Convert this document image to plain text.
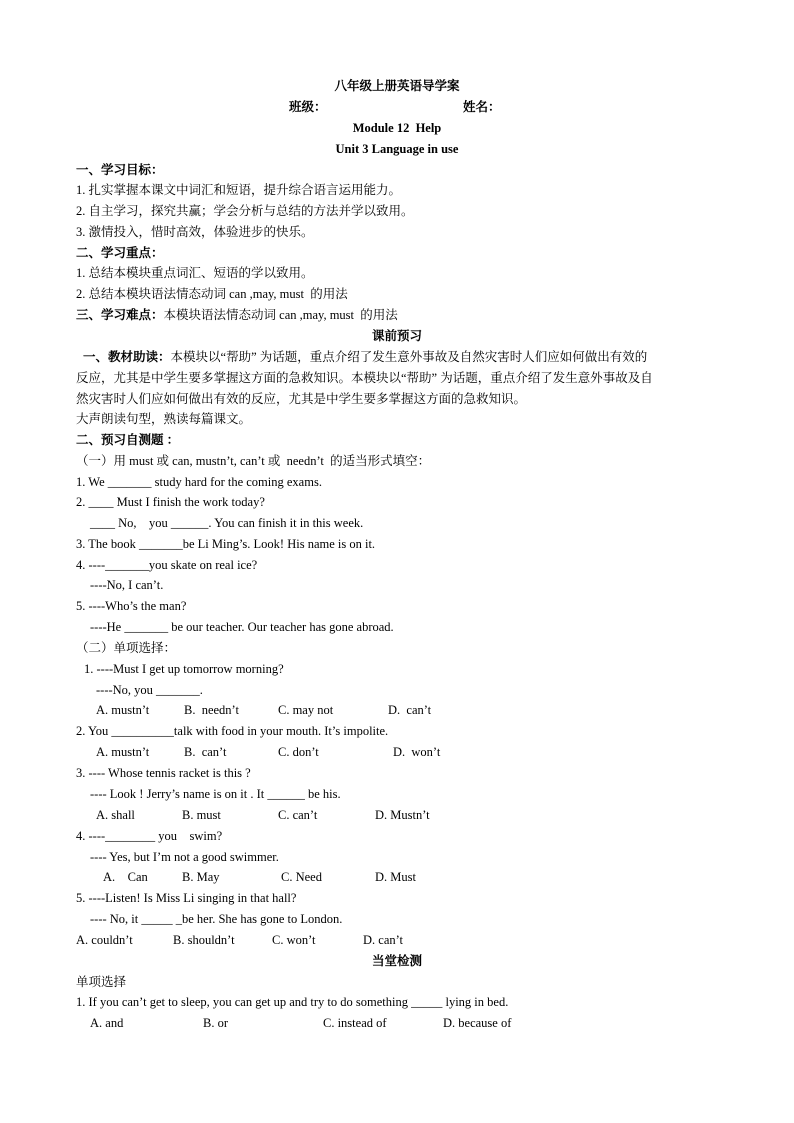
八年级上册英语导学案
班级：	姓名：
Module 12  Help
Unit 3 Language in use
一、学习目标：
1. 扎实掌握本课文中词汇和短语，提升综合语言运用能力。
2. 自主学习，探究共赢；学会分析与总结的方法并学以致用。
3. 激情投入，惜时高效，体验进步的快乐。
二、学习重点：
1. 总结本模块重点词汇、短语的学以致用。
2. 总结本模块语法情态动词 can ,may, must  的用法
三、学习难点：本模块语法情态动词 can ,may, must  的用法
课前预习
一、教材助读：本模块以“帮助” 为话题，重点介绍了发生意外事故及自然灾害时人们应如何做出有效的
反应，尤其是中学生要多掌握这方面的急救知识。本模块以“帮助” 为话题，重点介绍了发生意外事故及自
然灾害时人们应如何做出有效的反应，尤其是中学生要多掌握这方面的急救知识。
大声朗读句型，熟读每篇课文。
二、预习自测题 ：
（一）用 must 或 can, mustn’t, can’t 或  needn’t  的适当形式填空：
1. We _______ study hard for the coming exams.
2. ____ Must I finish the work today?
____ No,    you ______. You can finish it in this week.
3. The book _______be Li Ming’s. Look! His name is on it.
4. ----_______you skate on real ice?
----No, I can’t.
5. ----Who’s the man?
----He _______ be our teacher. Our teacher has gone abroad.
（二）单项选择：
1. ----Must I get up tomorrow morning?
----No, you _______.
A. mustn’t	B.  needn’t	C. may not	D.  can’t
2. You __________talk with food in your mouth. It’s impolite.
A. mustn’t	B.  can’t	C. don’t	D.  won’t
3. ---- Whose tennis racket is this ?
---- Look ! Jerry’s name is on it . It ______ be his.
A. shall	B. must	C. can’t	D. Mustn’t
4. ----________ you    swim?
---- Yes, but I’m not a good swimmer.
A.    Can	B. May	C. Need	D. Must
5. ----Listen! Is Miss Li singing in that hall?
---- No, it _____ _be her. She has gone to London.
A. couldn’t	B. shouldn’t	C. won’t	D. can’t
当堂检测
单项选择
1. If you can’t get to sleep, you can get up and try to do something _____ lying in bed.
A. and	B. or	C. instead of	D. because of
